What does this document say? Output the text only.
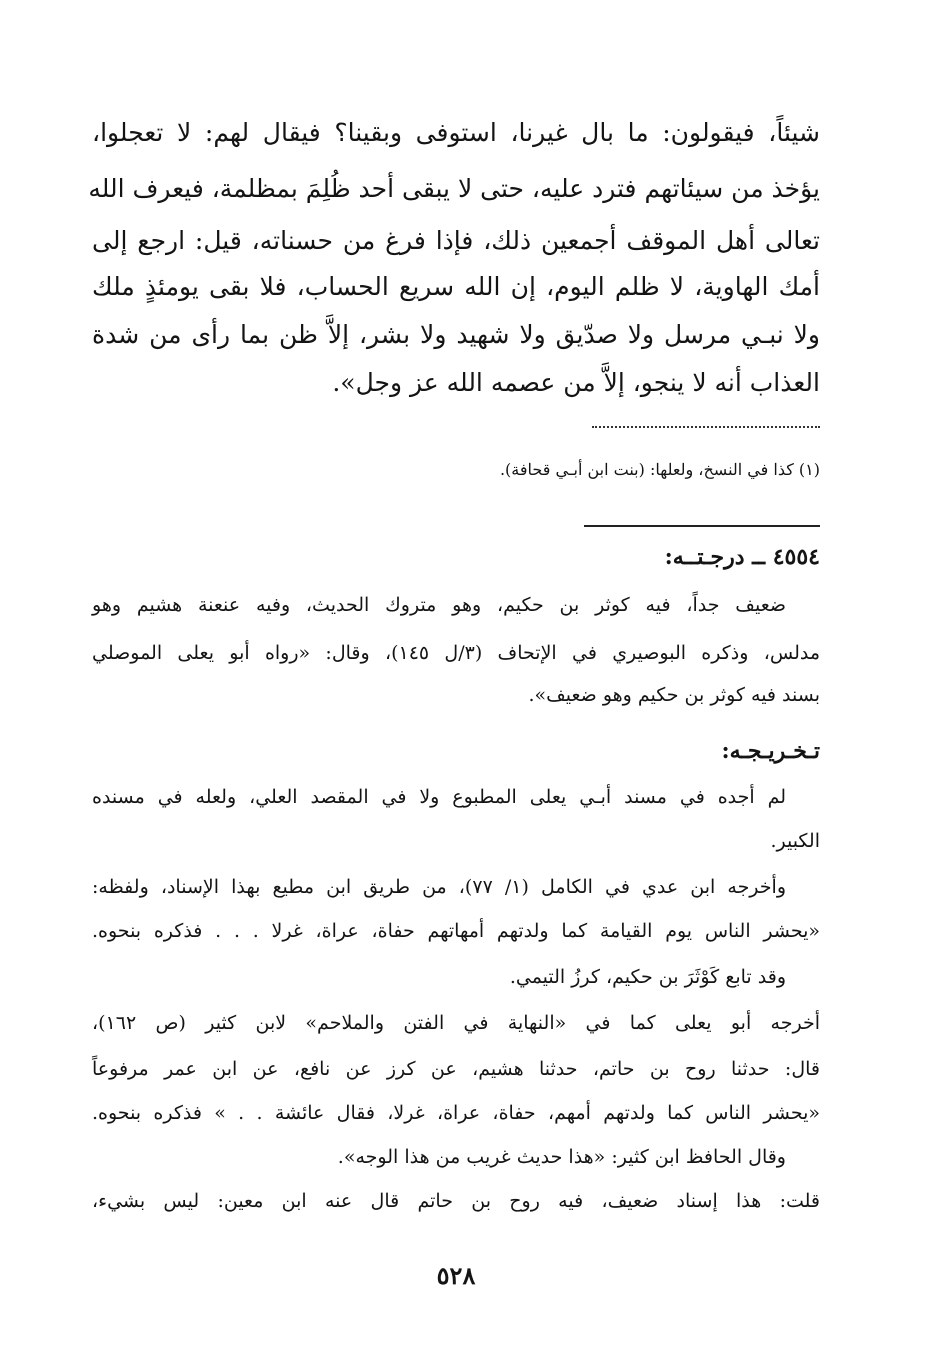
شيئاً، فيقولون: ما بال غيرنا، استوفى وبقينا؟ فيقال لهم: لا تعجلوا،
يؤخذ من سيئاتهم فترد عليه، حتى لا يبقى أحد ظُلِمَ بمظلمة، فيعرف الله
تعالى أهل الموقف أجمعين ذلك، فإذا فرغ من حسناته، قيل: ارجع إلى
أمك الهاوية، لا ظلم اليوم، إن الله سريع الحساب، فلا بقى يومئذٍ ملك
ولا نبـي مرسل ولا صدّيق ولا شهيد ولا بشر، إلاَّ ظن بما رأى من شدة
العذاب أنه لا ينجو، إلاَّ من عصمه الله عز وجل».
(١) كذا في النسخ، ولعلها: (بنت ابن أبـي قحافة).
٤٥٥٤ ــ درجـتــه:
ضعيف جداً، فيه كوثر بن حكيم، وهو متروك الحديث، وفيه عنعنة هشيم وهو
مدلس، وذكره البوصيري في الإتحاف (٣/ل ١٤٥)، وقال: «رواه أبو يعلى الموصلي
بسند فيه كوثر بن حكيم وهو ضعيف».
تـخـريـجـه:
لم أجده في مسند أبـي يعلى المطبوع ولا في المقصد العلي، ولعله في مسنده
الكبير.
وأخرجه ابن عدي في الكامل (١/ ٧٧)، من طريق ابن مطيع بهذا الإسناد، ولفظه:
«يحشر الناس يوم القيامة كما ولدتهم أمهاتهم حفاة، عراة، غرلا . . . فذكره بنحوه.
وقد تابع كَوْثَرَ بن حكيم، كرزُ التيمي.
أخرجه أبو يعلى كما في «النهاية في الفتن والملاحم» لابن كثير (ص ١٦٢)،
قال: حدثنا روح بن حاتم، حدثنا هشيم، عن كرز عن نافع، عن ابن عمر مرفوعاً
«يحشر الناس كما ولدتهم أمهم، حفاة، عراة، غرلا، فقال عائشة . . » فذكره بنحوه.
وقال الحافظ ابن كثير: «هذا حديث غريب من هذا الوجه».
قلت: هذا إسناد ضعيف، فيه روح بن حاتم قال عنه ابن معين: ليس بشيء،
٥٢٨
